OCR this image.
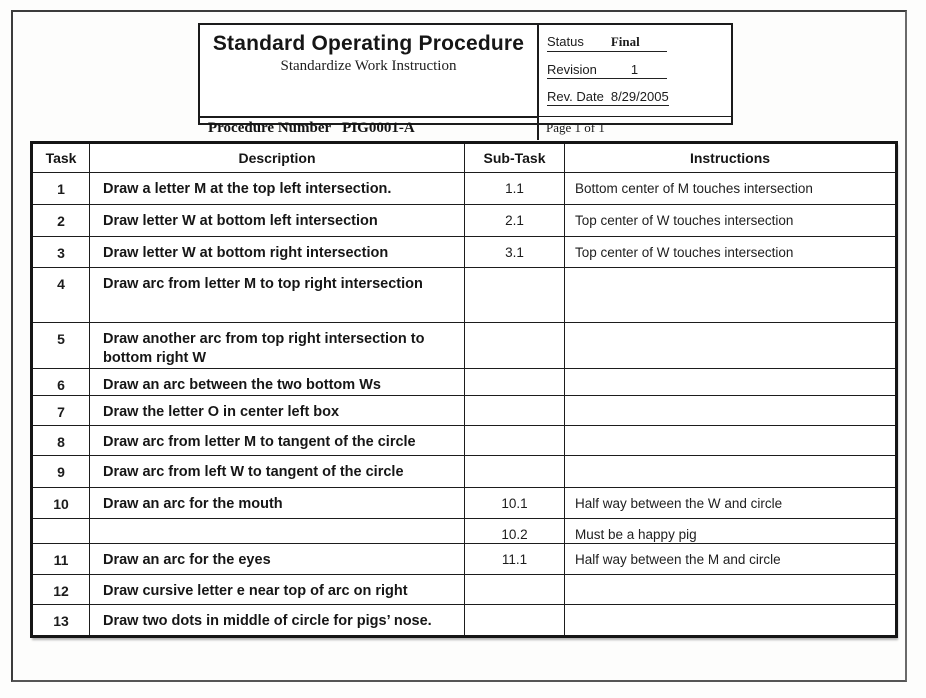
Standard Operating Procedure
Standardize Work Instruction
Status Final
Revision	1
Rev. Date 8/29/2005
Procedure Number PIG0001-A	Page 1 of 1
Task	Description	Sub-Task	Instructions
1	Draw a letter M at the top left intersection.	1.1	Bottom center of M touches intersection
2	Draw letter W at bottom left intersection	2.1	Top center of W touches intersection
3	Draw letter W at bottom right intersection	3.1	Top center of W touches intersection
4	Draw arc from letter M to top right intersection		
5	Draw another arc from top right intersection to bottom right W		
6	Draw an arc between the two bottom Ws		
7	Draw the letter O in center left box		
8	Draw arc from letter M to tangent of the circle		
9	Draw arc from left W to tangent of the circle		
10	Draw an arc for the mouth	10.1	Half way between the W and circle
		10.2	Must be a happy pig
11	Draw an arc for the eyes	11.1	Half way between the M and circle
12	Draw cursive letter e near top of arc on right		
13	Draw two dots in middle of circle for pigs’ nose.		
